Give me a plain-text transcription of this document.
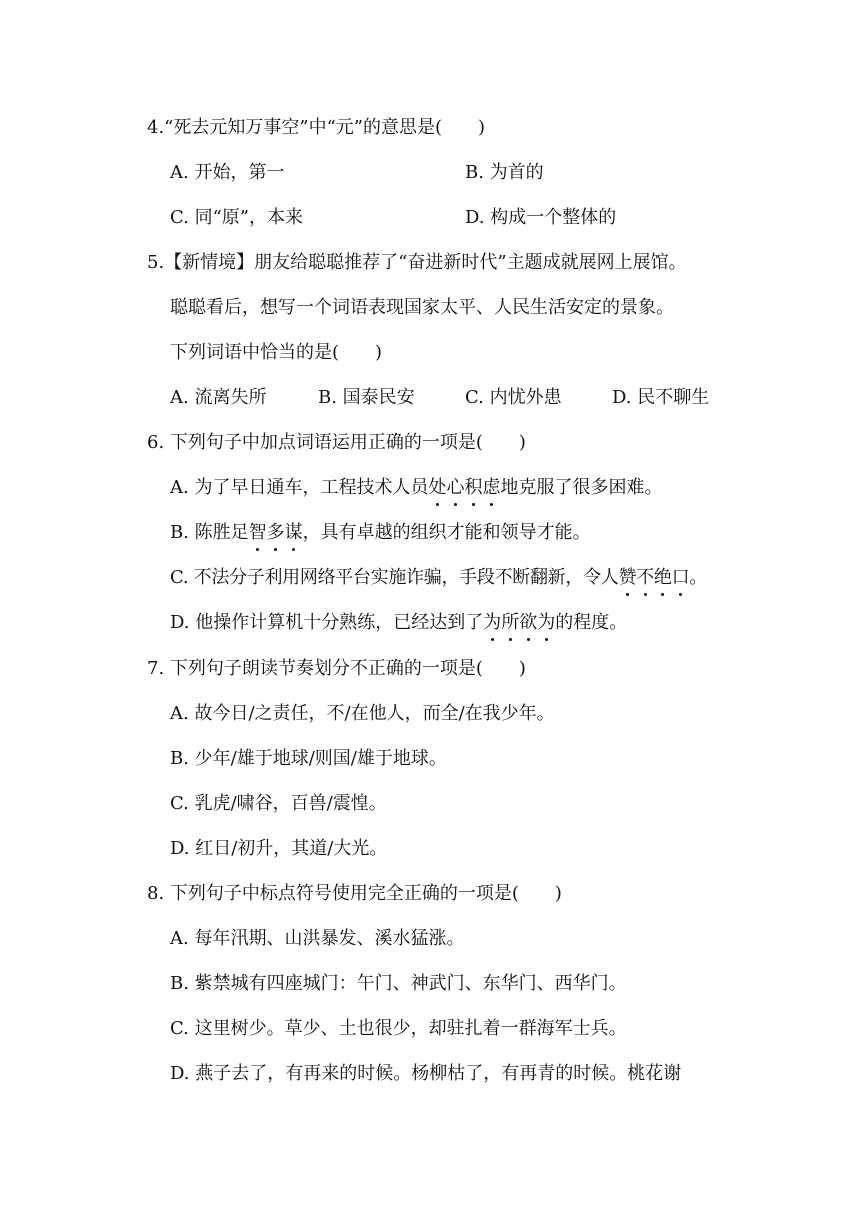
4.“死去元知万事空”中“元”的意思是(　　)
A. 开始，第一	B. 为首的
C. 同“原”，本来	D. 构成一个整体的
5.【新情境】朋友给聪聪推荐了“奋进新时代”主题成就展网上展馆。
聪聪看后，想写一个词语表现国家太平、人民生活安定的景象。
下列词语中恰当的是(　　)
A. 流离失所	B. 国泰民安	C. 内忧外患	D. 民不聊生
6. 下列句子中加点词语运用正确的一项是(　　)
A. 为了早日通车，工程技术人员处心积虑地克服了很多困难。
B. 陈胜足智多谋，具有卓越的组织才能和领导才能。
C. 不法分子利用网络平台实施诈骗，手段不断翻新，令人赞不绝口。
D. 他操作计算机十分熟练，已经达到了为所欲为的程度。
7. 下列句子朗读节奏划分不正确的一项是(　　)
A. 故今日/之责任，不/在他人，而全/在我少年。
B. 少年/雄于地球/则国/雄于地球。
C. 乳虎/啸谷，百兽/震惶。
D. 红日/初升，其道/大光。
8. 下列句子中标点符号使用完全正确的一项是(　　)
A. 每年汛期、山洪暴发、溪水猛涨。
B. 紫禁城有四座城门：午门、神武门、东华门、西华门。
C. 这里树少。草少、土也很少，却驻扎着一群海军士兵。
D. 燕子去了，有再来的时候。杨柳枯了，有再青的时候。桃花谢
